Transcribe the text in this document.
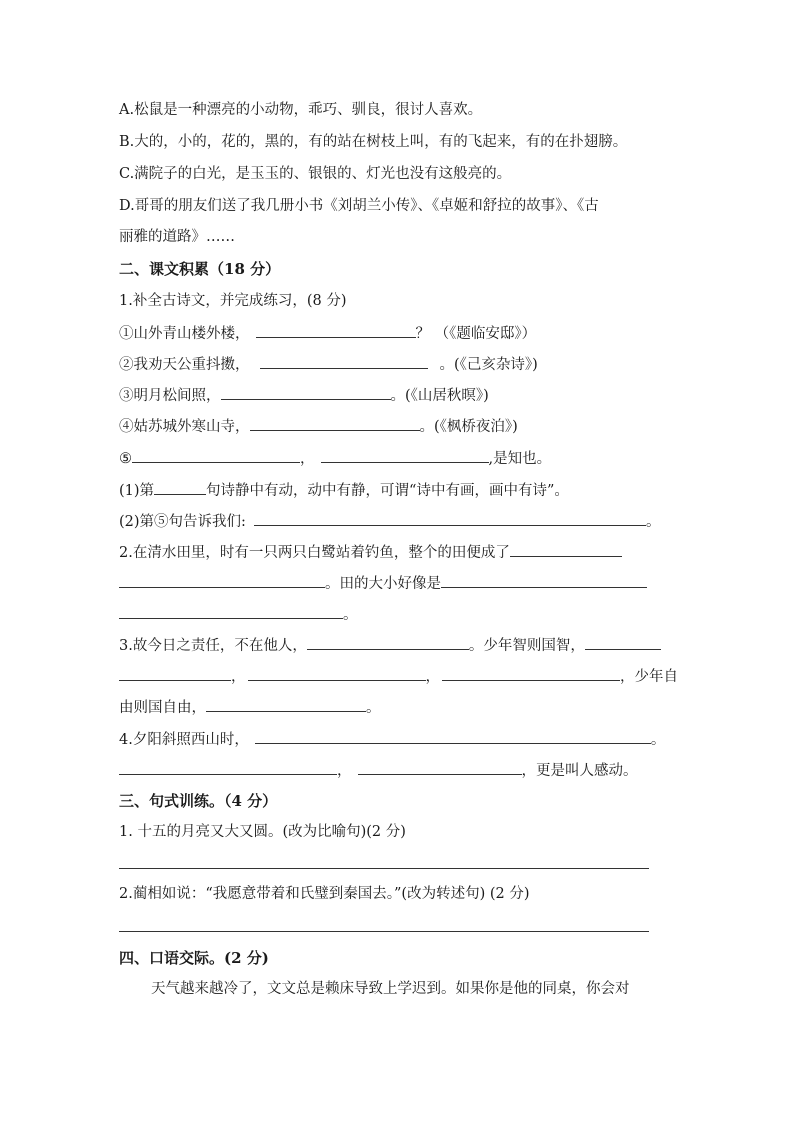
A.松鼠是一种漂亮的小动物，乖巧、驯良，很讨人喜欢。
B.大的，小的，花的，黑的，有的站在树枝上叫，有的飞起来，有的在扑翅膀。
C.满院子的白光，是玉玉的、银银的、灯光也没有这般亮的。
D.哥哥的朋友们送了我几册小书《刘胡兰小传》、《卓姬和舒拉的故事》、《古
丽雅的道路》……
二、课文积累（18 分）
1.补全古诗文，并完成练习，(8 分)
①山外青山楼外楼，	？ （《题临安邸》）
②我劝天公重抖擞，	。(《己亥杂诗》)
③明月松间照，	。(《山居秋暝》)
④姑苏城外寒山寺，	。(《枫桥夜泊》)
⑤	，	,是知也。
(1)第	句诗静中有动，动中有静，可谓“诗中有画，画中有诗”。
(2)第⑤句告诉我们:	。
2.在清水田里，时有一只两只白鹭站着钓鱼，整个的田便成了
。田的大小好像是
。
3.故今日之责任，不在他人，	。少年智则国智，
，	，	，少年自
由则国自由，	。
4.夕阳斜照西山时，	。
，	，更是叫人感动。
三、句式训练。（4 分）
1. 十五的月亮又大又圆。(改为比喻句)(2 分)
2.蔺相如说：“我愿意带着和氏璧到秦国去。”(改为转述句) (2 分)
四、口语交际。(2 分)
天气越来越冷了，文文总是赖床导致上学迟到。如果你是他的同桌，你会对
